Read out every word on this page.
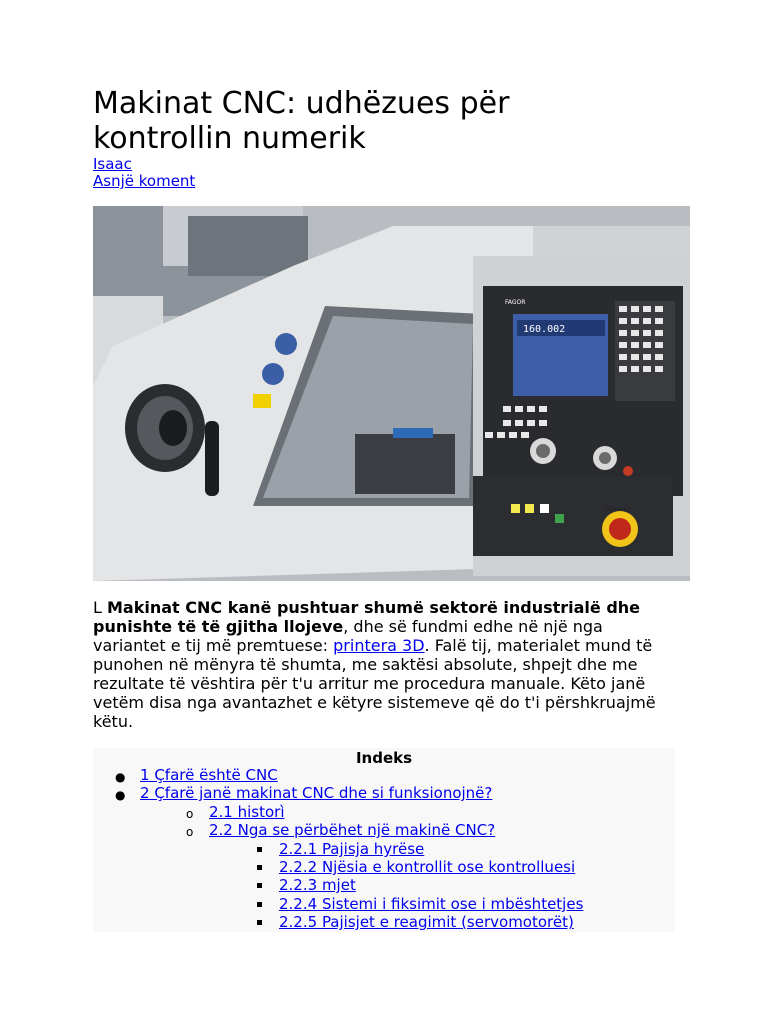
Makinat CNC: udhëzues për kontrollin numerik
Isaac
Asnjë koment
160.002
FAGOR
EMERGENCY

L Makinat CNC kanë pushtuar shumë sektorë industrialë dhe punishte të të gjitha llojeve, dhe së fundmi edhe në një nga variantet e tij më premtuese: printera 3D. Falë tij, materialet mund të punohen në mënyra të shumta, me saktësi absolute, shpejt dhe me rezultate të vështira për t'u arritur me procedura manuale. Këto janë vetëm disa nga avantazhet e këtyre sistemeve që do t'i përshkruajmë këtu.

Indeks
● 1 Çfarë është CNC
● 2 Çfarë janë makinat CNC dhe si funksionojnë?
o 2.1 historì
o 2.2 Nga se përbëhet një makinë CNC?
2.2.1 Pajisja hyrëse
2.2.2 Njësia e kontrollit ose kontrolluesi
2.2.3 mjet
2.2.4 Sistemi i fiksimit ose i mbështetjes
2.2.5 Pajisjet e reagimit (servomotorët)
